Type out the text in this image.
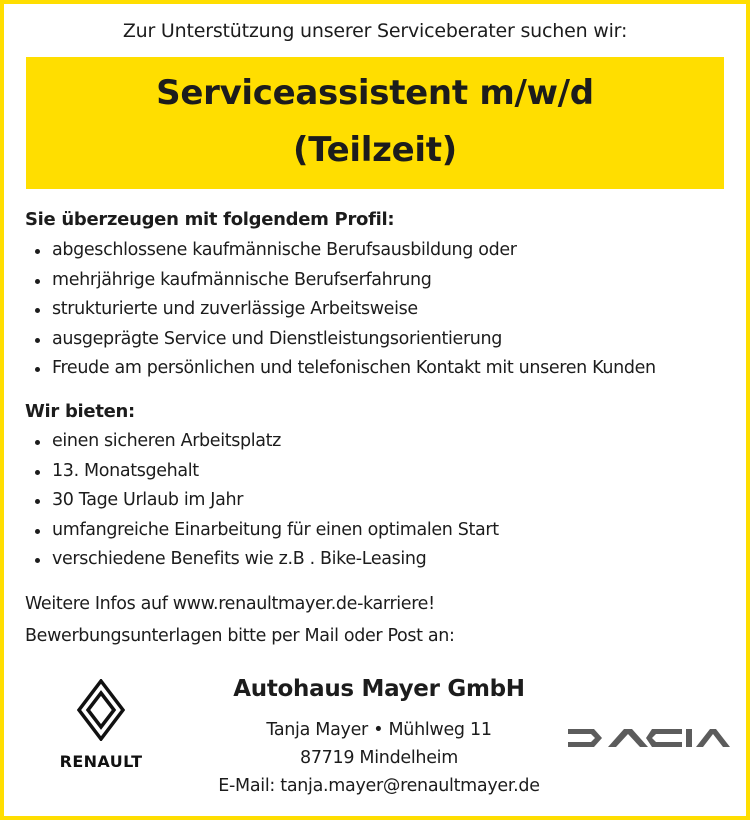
Zur Unterstützung unserer Serviceberater suchen wir:
Serviceassistent m/w/d
(Teilzeit)
Sie überzeugen mit folgendem Profil:
abgeschlossene kaufmännische Berufsausbildung oder
mehrjährige kaufmännische Berufserfahrung
strukturierte und zuverlässige Arbeitsweise
ausgeprägte Service und Dienstleistungsorientierung
Freude am persönlichen und telefonischen Kontakt mit unseren Kunden
Wir bieten:
einen sicheren Arbeitsplatz
13. Monatsgehalt
30 Tage Urlaub im Jahr
umfangreiche Einarbeitung für einen optimalen Start
verschiedene Benefits wie z.B . Bike-Leasing
Weitere Infos auf www.renaultmayer.de-karriere!
Bewerbungsunterlagen bitte per Mail oder Post an:
RENAULT
Autohaus Mayer GmbH
Tanja Mayer • Mühlweg 11
87719 Mindelheim
E-Mail: tanja.mayer@renaultmayer.de
